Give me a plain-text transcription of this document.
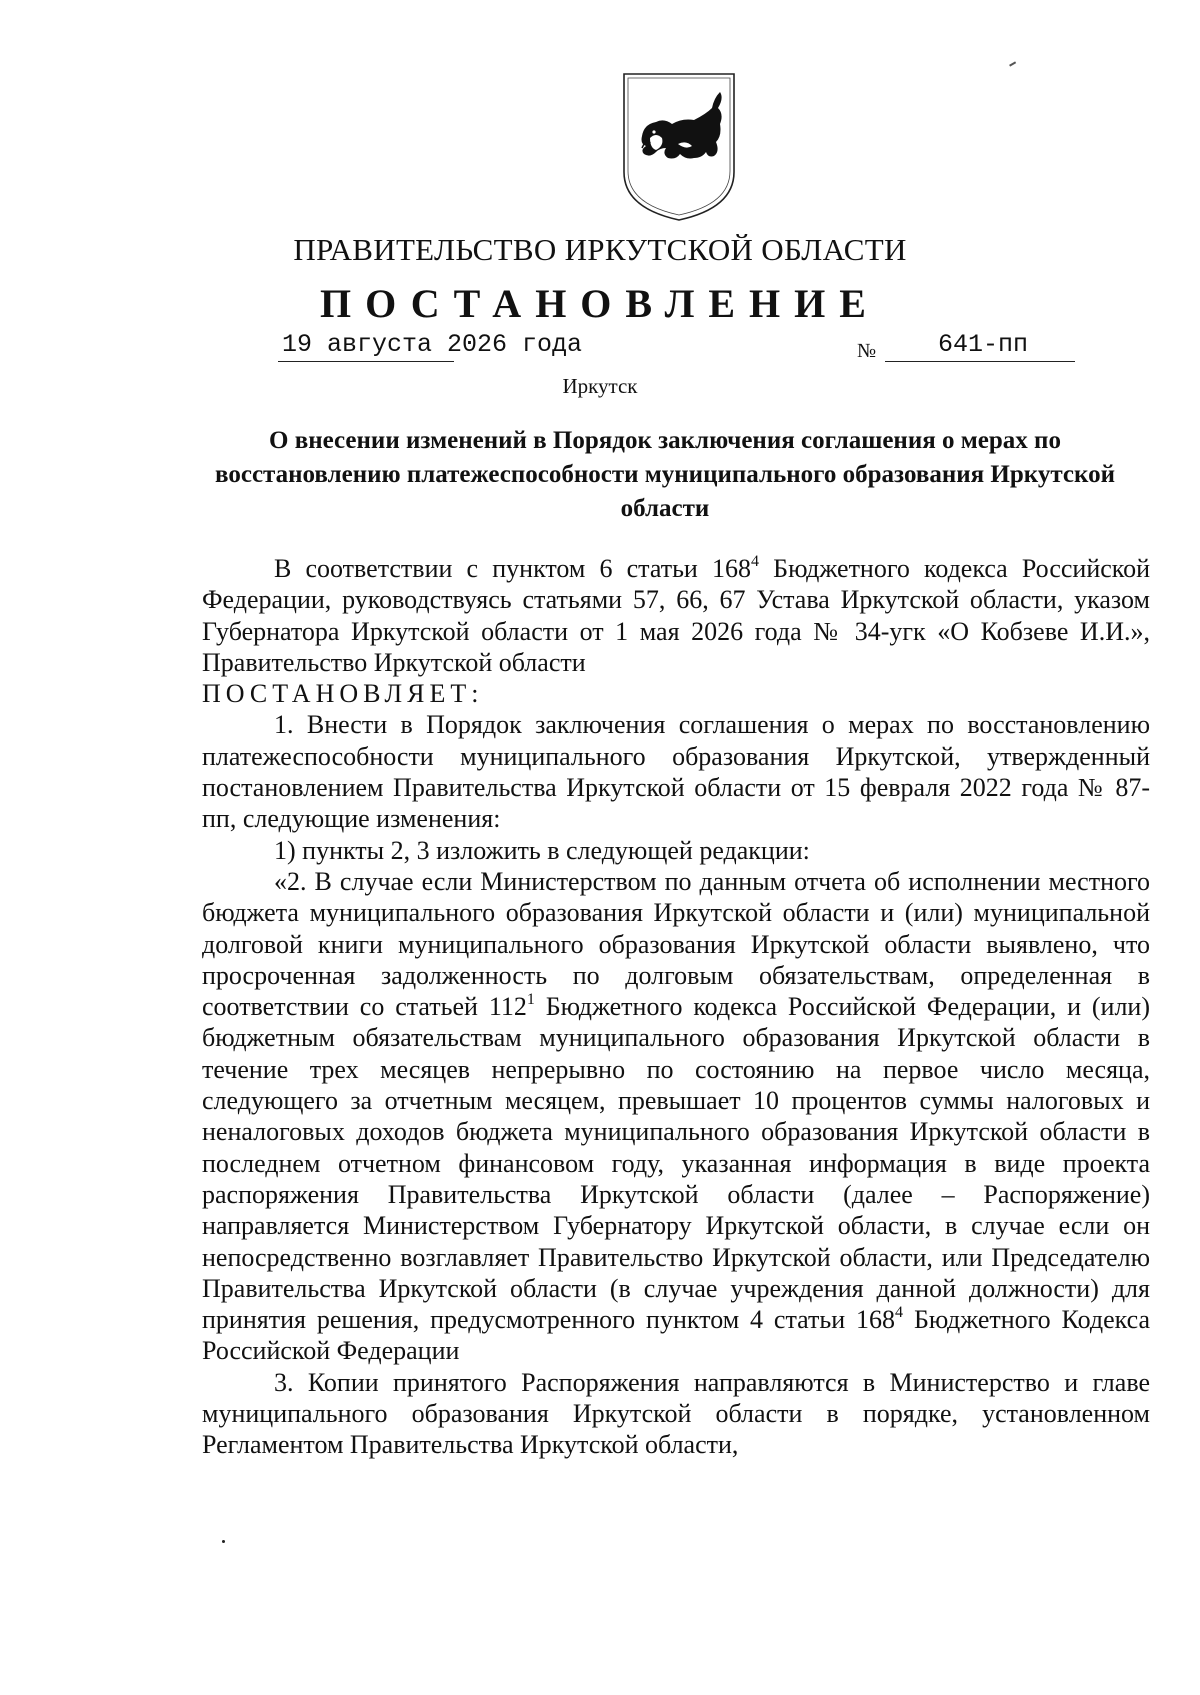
ПРАВИТЕЛЬСТВО ИРКУТСКОЙ ОБЛАСТИ
ПОСТАНОВЛЕНИЕ
19 августа 2026 года	№ 641-пп
Иркутск
О внесении изменений в Порядок заключения соглашения о мерах по восстановлению платежеспособности муниципального образования Иркутской области

В соответствии с пунктом 6 статьи $168^4$ Бюджетного кодекса Российской Федерации, руководствуясь статьями 57, 66, 67 Устава Иркутской области, указом Губернатора Иркутской области от 1 мая 2026 года № 34-угк «О Кобзеве И.И.», Правительство Иркутской области

ПОСТАНОВЛЯЕТ:

1. Внести в Порядок заключения соглашения о мерах по восстановлению платежеспособности муниципального образования Иркутской, утвержденный постановлением Правительства Иркутской области от 15 февраля 2022 года № 87-пп, следующие изменения:

1) пункты 2, 3 изложить в следующей редакции:

«2. В случае если Министерством по данным отчета об исполнении местного бюджета муниципального образования Иркутской области и (или) муниципальной долговой книги муниципального образования Иркутской области выявлено, что просроченная задолженность по долговым обязательствам, определенная в соответствии со статьей $112^1$ Бюджетного кодекса Российской Федерации, и (или) бюджетным обязательствам муниципального образования Иркутской области в течение трех месяцев непрерывно по состоянию на первое число месяца, следующего за отчетным месяцем, превышает 10 процентов суммы налоговых и неналоговых доходов бюджета муниципального образования Иркутской области в последнем отчетном финансовом году, указанная информация в виде проекта распоряжения Правительства Иркутской области (далее – Распоряжение) направляется Министерством Губернатору Иркутской области, в случае если он непосредственно возглавляет Правительство Иркутской области, или Председателю Правительства Иркутской области (в случае учреждения данной должности) для принятия решения, предусмотренного пунктом 4 статьи $168^4$ Бюджетного Кодекса Российской Федерации

3. Копии принятого Распоряжения направляются в Министерство и главе муниципального образования Иркутской области в порядке, установленном Регламентом Правительства Иркутской области,
